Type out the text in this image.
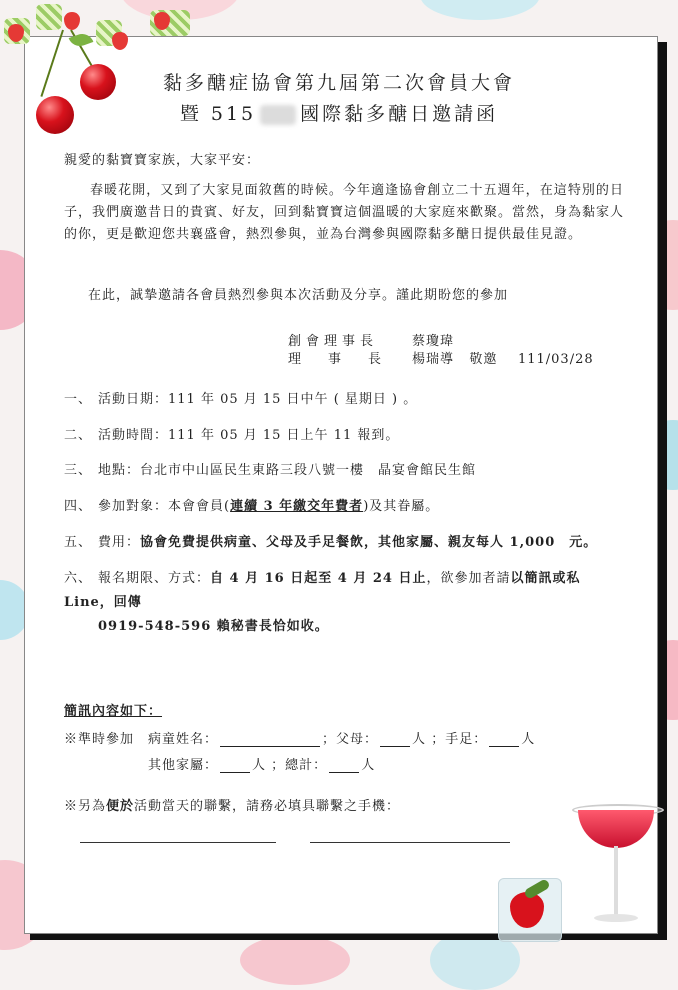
黏多醣症協會第九屆第二次會員大會
暨 515 國際黏多醣日邀請函
親愛的黏寶寶家族，大家平安：
春暖花開，又到了大家見面敘舊的時候。今年適逢協會創立二十五週年，在這特別的日子，我們廣邀昔日的貴賓、好友，回到黏寶寶這個溫暖的大家庭來歡聚。當然，身為黏家人的你，更是歡迎您共襄盛會，熱烈參與，並為台灣參與國際黏多醣日提供最佳見證。
在此，誠摯邀請各會員熱烈參與本次活動及分享。謹此期盼您的參加
創會理事長	蔡瓊瑋
理事長 楊瑞導 敬邀 111/03/28
一、 活動日期：111 年 05 月 15 日中午 ( 星期日 ) 。
二、 活動時間：111 年 05 月 15 日上午 11 報到。
三、 地點：台北市中山區民生東路三段八號一樓　晶宴會館民生館
四、 參加對象：本會會員(連續 3 年繳交年費者)及其眷屬。
五、 費用：協會免費提供病童、父母及手足餐飲，其他家屬、親友每人 1,000　元。
六、 報名期限、方式：自 4 月 16 日起至 4 月 24 日止，欲參加者請以簡訊或私 Line，回傳
0919-548-596 賴秘書長恰如收。
簡訊內容如下：
※準時參加　病童姓名：	；父母：	人 ；手足：	人
其他家屬：	人 ；總計：	人
※另為便於活動當天的聯繫，請務必填具聯繫之手機：
